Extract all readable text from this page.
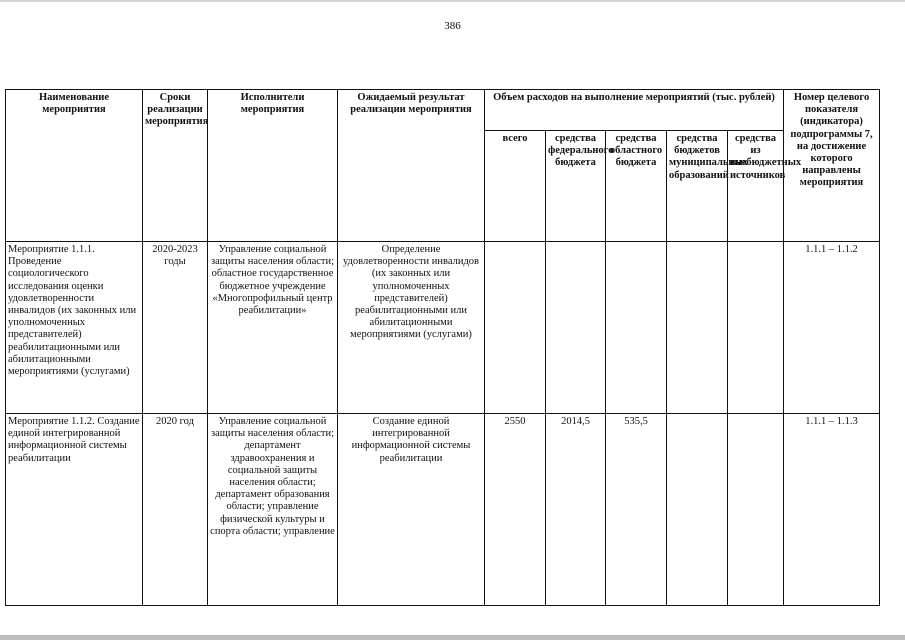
386
Наименование мероприятия	Сроки реализации мероприятия	Исполнители мероприятия	Ожидаемый результат реализации мероприятия	Объем расходов на выполнение мероприятий (тыс. рублей)					Номер целевого показателя (индикатора) подпрограммы 7, на достижение которого направлены мероприятия
				всего	средства федерального бюджета	средства областного бюджета	средства бюджетов муниципальных образований	средства из внебюджетных источников	
Мероприятие 1.1.1. Проведение социологического исследования оценки удовлетворенности инвалидов (их законных или уполномоченных представителей) реабилитационными или абилитационными мероприятиями (услугами)	2020-2023 годы	Управление социальной защиты населения области; областное государственное бюджетное учреждение «Многопрофильный центр реабилитации»	Определение удовлетворенности инвалидов (их законных или уполномоченных представителей) реабилитационными или абилитационными мероприятиями (услугами)						1.1.1 – 1.1.2
Мероприятие 1.1.2. Создание единой интегрированной информационной системы реабилитации	2020 год	Управление социальной защиты населения области; департамент здравоохранения и социальной защиты населения области; департамент образования области; управление физической культуры и спорта области; управление	Создание единой интегрированной информационной системы реабилитации	2550	2014,5	535,5			1.1.1 – 1.1.3
